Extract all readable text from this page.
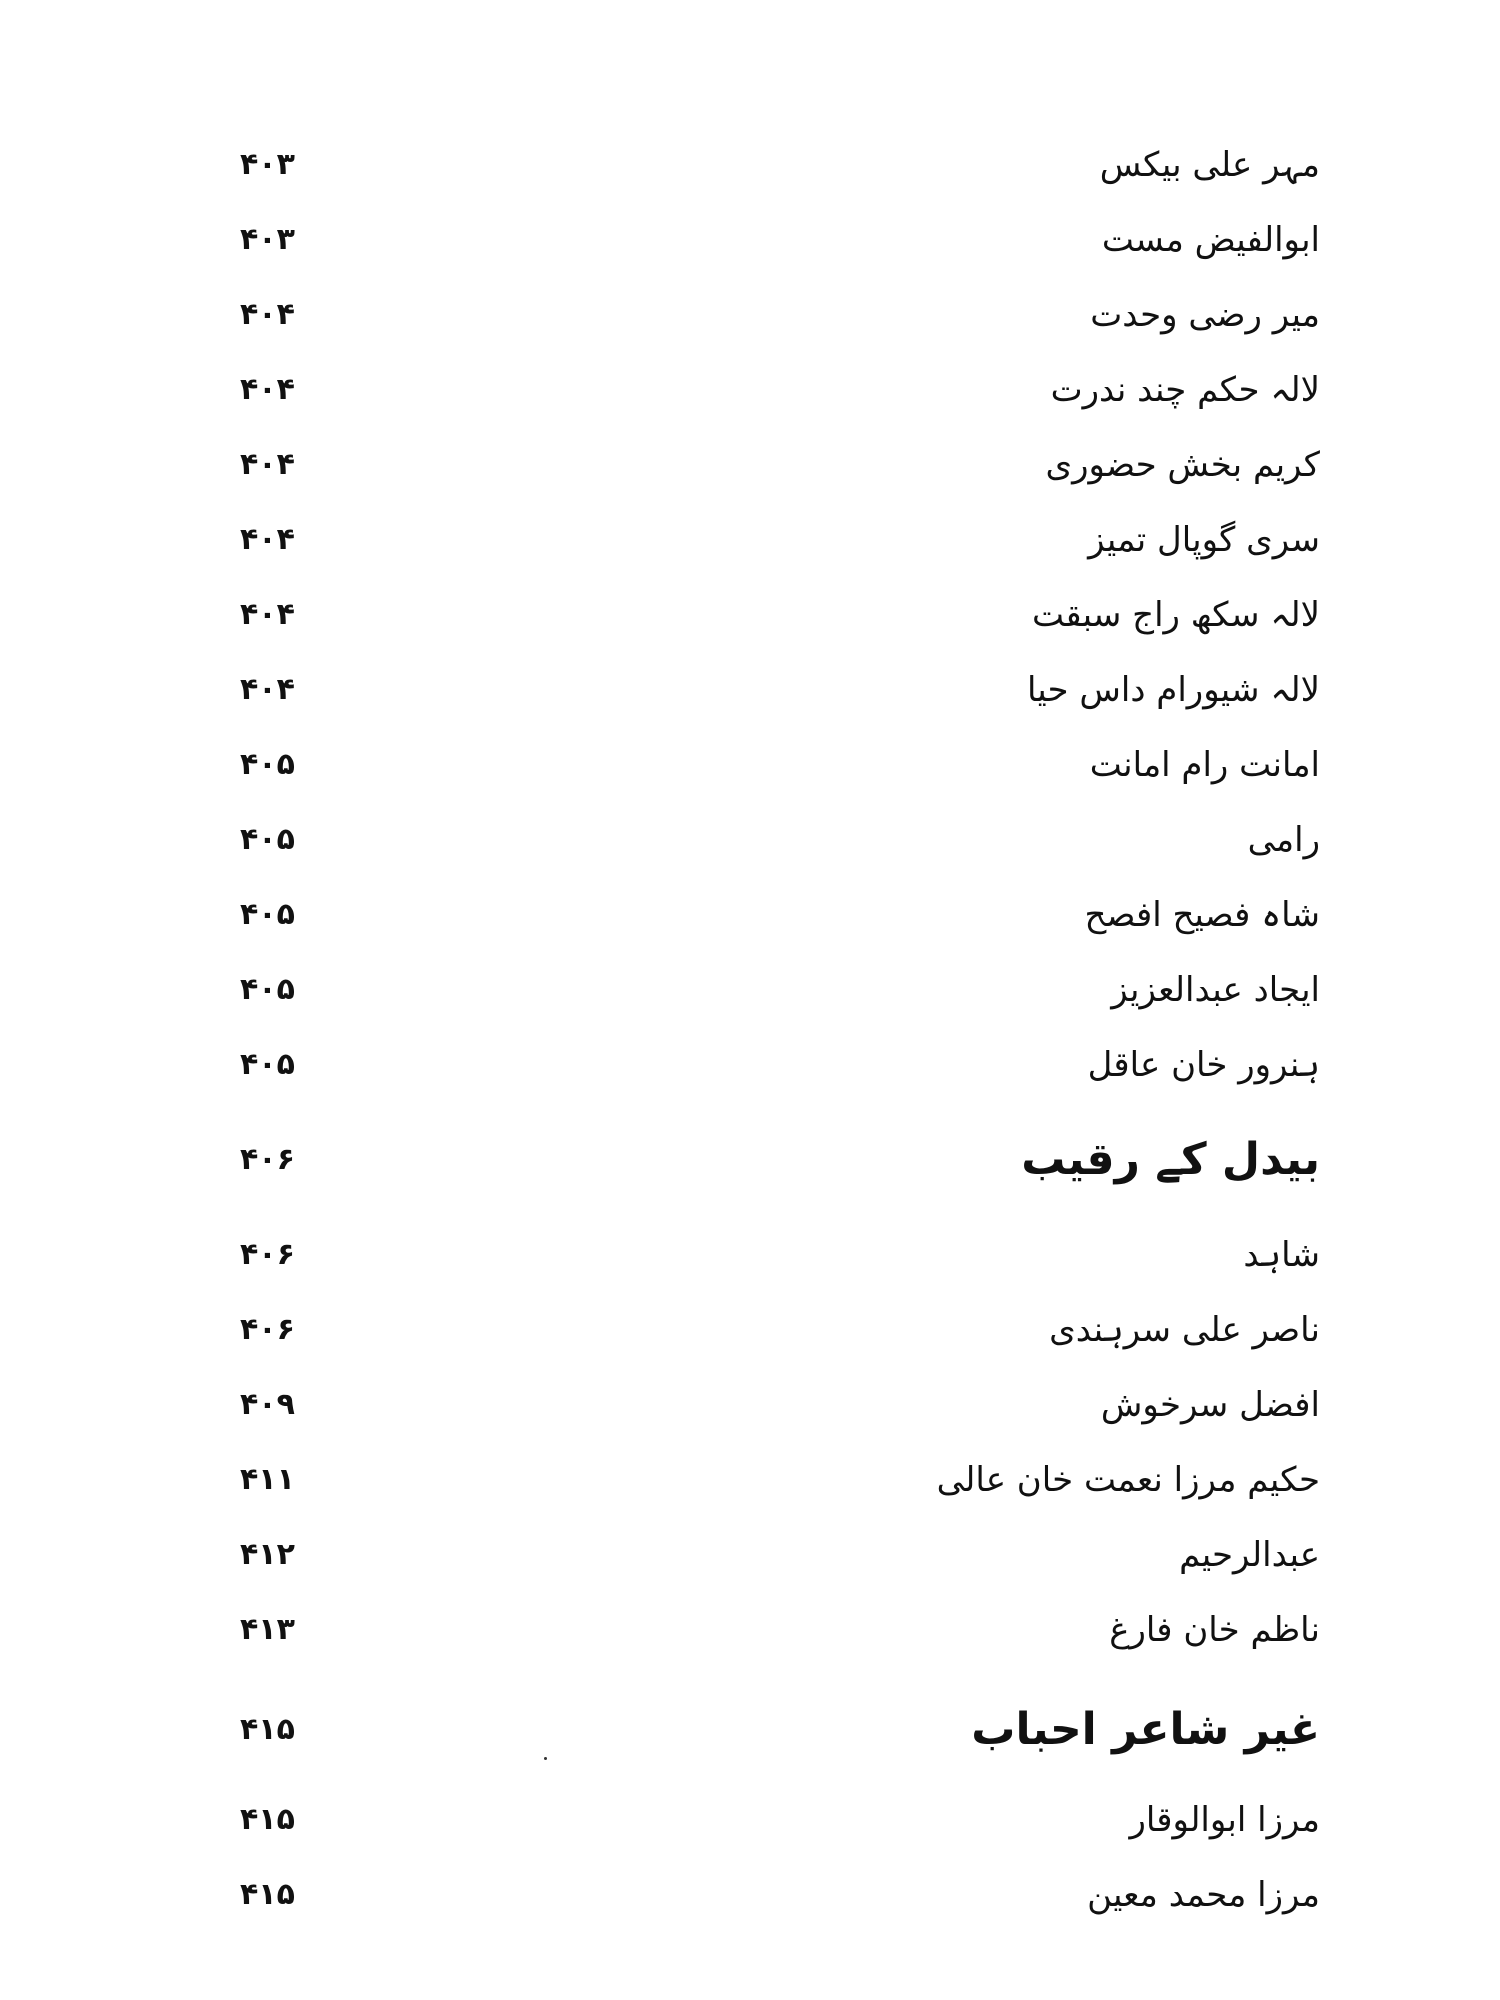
مہر علی بیکس
۴۰۳
ابوالفیض مست
۴۰۳
میر رضی وحدت
۴۰۴
لالہ حکم چند ندرت
۴۰۴
کریم بخش حضوری
۴۰۴
سری گوپال تمیز
۴۰۴
لالہ سکھ راج سبقت
۴۰۴
لالہ شیورام داس حیا
۴۰۴
امانت رام امانت
۴۰۵
رامی
۴۰۵
شاہ فصیح افصح
۴۰۵
ایجاد عبدالعزیز
۴۰۵
ہنرور خان عاقل
۴۰۵
بیدل کے رقیب
۴۰۶
شاہد
۴۰۶
ناصر علی سرہندی
۴۰۶
افضل سرخوش
۴۰۹
حکیم مرزا نعمت خان عالی
۴۱۱
عبدالرحیم
۴۱۲
ناظم خان فارغ
۴۱۳
غیر شاعر احباب
۴۱۵
مرزا ابوالوقار
۴۱۵
مرزا محمد معین
۴۱۵
